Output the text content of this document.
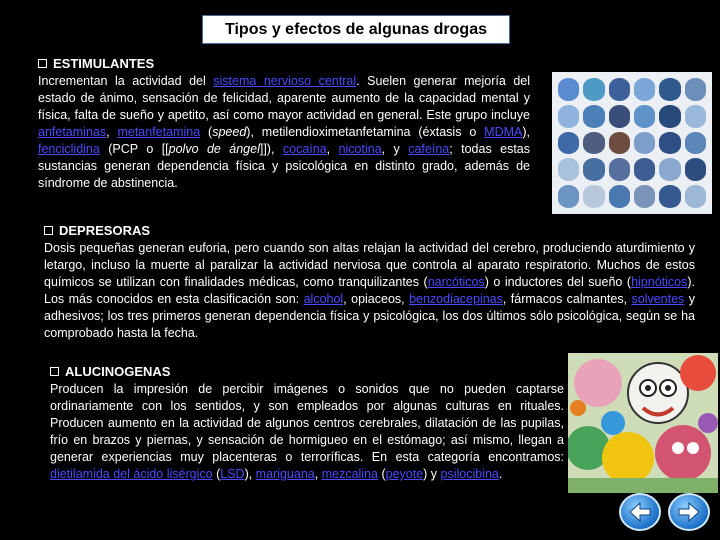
Tipos y efectos de algunas drogas
ESTIMULANTES
Incrementan la actividad del sistema nervioso central. Suelen generar mejoría del estado de ánimo, sensación de felicidad, aparente aumento de la capacidad mental y física, falta de sueño y apetito, así como mayor actividad en general. Este grupo incluye anfetaminas, metanfetamina (speed), metilendioximetanfetamina (éxtasis o MDMA), fenciclidina (PCP o [[polvo de ángel]]), cocaína, nicotina, y cafeína; todas estas sustancias generan dependencia física y psicológica en distinto grado, además de síndrome de abstinencia.
DEPRESORAS
Dosis pequeñas generan euforia, pero cuando son altas relajan la actividad del cerebro, produciendo aturdimiento y letargo, incluso la muerte al paralizar la actividad nerviosa que controla al aparato respiratorio. Muchos de estos químicos se utilizan con finalidades médicas, como tranquilizantes (narcóticos) o inductores del sueño (hipnóticos). Los más conocidos en esta clasificación son: alcohol, opiaceos, benzodiacepinas, fármacos calmantes, solventes y adhesivos; los tres primeros generan dependencia física y psicológica, los dos últimos sólo psicológica, según se ha comprobado hasta la fecha.
ALUCINOGENAS
Producen la impresión de percibir imágenes o sonidos que no pueden captarse ordinariamente con los sentidos, y son empleados por algunas culturas en rituales. Producen aumento en la actividad de algunos centros cerebrales, dilatación de las pupilas, frío en brazos y piernas, y sensación de hormigueo en el estómago; así mismo, llegan a generar experiencias muy placenteras o terroríficas. En esta categoría encontramos: dietilamida del ácido lisérgico (LSD), mariguana, mezcalina (peyote) y psilocibina.
